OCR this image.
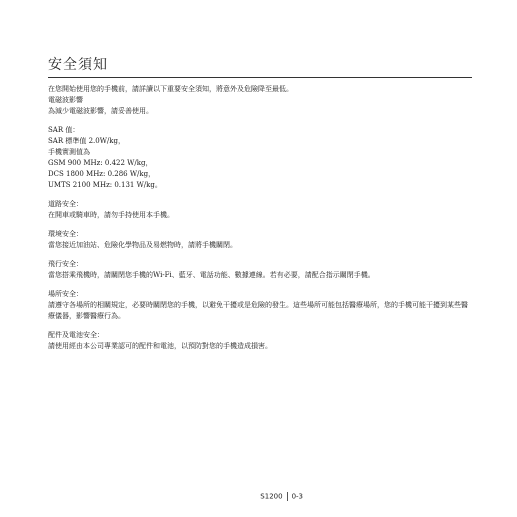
安全須知

在您開始使用您的手機前，請詳讀以下重要安全須知，將意外及危險降至最低。

電磁波影響

為減少電磁波影響，請妥善使用。

SAR 值：

SAR 標準值 2.0W/kg，

手機實測值為

GSM 900 MHz: 0.422 W/kg，

DCS 1800 MHz: 0.286 W/kg，

UMTS 2100 MHz: 0.131 W/kg。

道路安全：

在開車或騎車時，請勿手持使用本手機。

環境安全：

當您接近加油站、危險化學物品及易燃物時，請將手機關閉。

飛行安全：

當您搭乘飛機時，請關閉您手機的Wi-Fi、藍牙、電話功能、數據連線。若有必要，請配合指示關閉手機。

場所安全：

請遵守各場所的相關規定，必要時關閉您的手機，以避免干擾或是危險的發生。這些場所可能包括醫療場所，您的手機可能干擾到某些醫療儀器，影響醫療行為。

配件及電池安全：

請使用經由本公司專業認可的配件和電池，以預防對您的手機造成損害。

S1200 0-3
